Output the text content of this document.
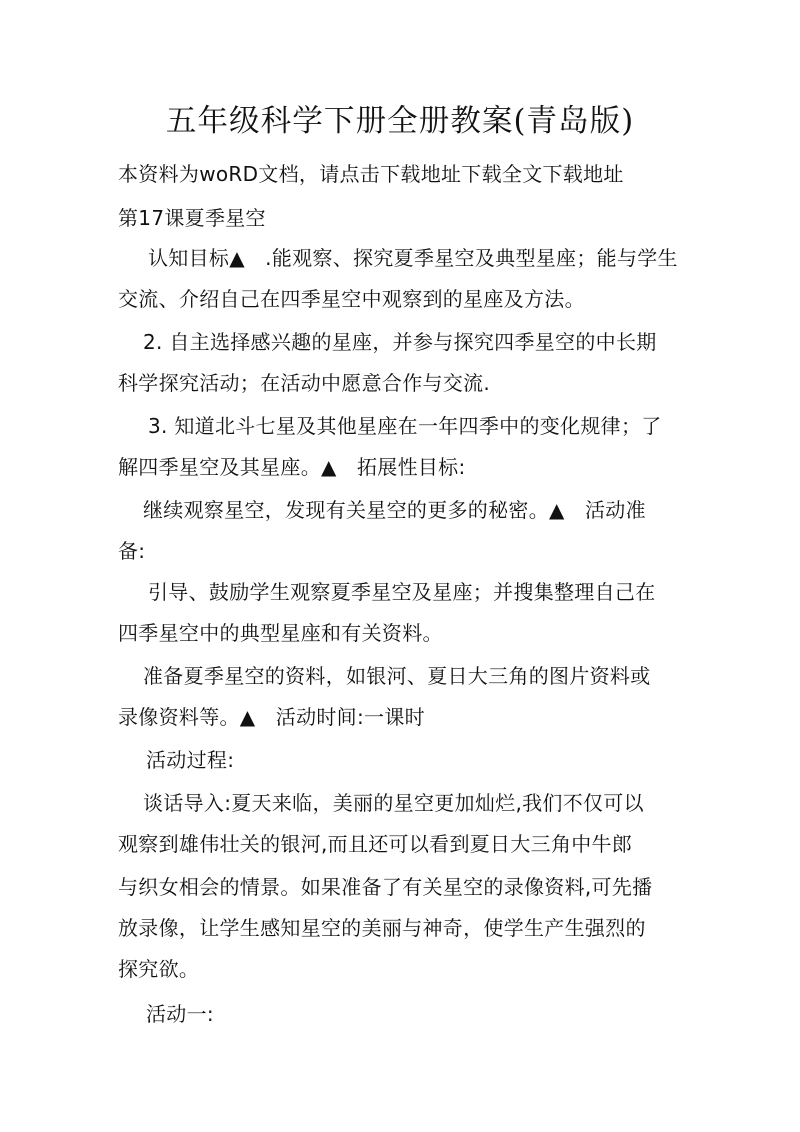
五年级科学下册全册教案(青岛版)
本资料为woRD文档，请点击下载地址下载全文下载地址
第17课夏季星空
认知目标▲　.能观察、探究夏季星空及典型星座；能与学生
交流、介绍自己在四季星空中观察到的星座及方法。
2. 自主选择感兴趣的星座，并参与探究四季星空的中长期
科学探究活动；在活动中愿意合作与交流.
3. 知道北斗七星及其他星座在一年四季中的变化规律；了
解四季星空及其星座。▲　拓展性目标:
继续观察星空，发现有关星空的更多的秘密。▲　活动准
备:
引导、鼓励学生观察夏季星空及星座；并搜集整理自己在
四季星空中的典型星座和有关资料。
准备夏季星空的资料，如银河、夏日大三角的图片资料或
录像资料等。▲　活动时间:一课时
活动过程:
谈话导入:夏天来临，美丽的星空更加灿烂,我们不仅可以
观察到雄伟壮关的银河,而且还可以看到夏日大三角中牛郎
与织女相会的情景。如果准备了有关星空的录像资料,可先播
放录像，让学生感知星空的美丽与神奇，使学生产生强烈的
探究欲。
活动一:
